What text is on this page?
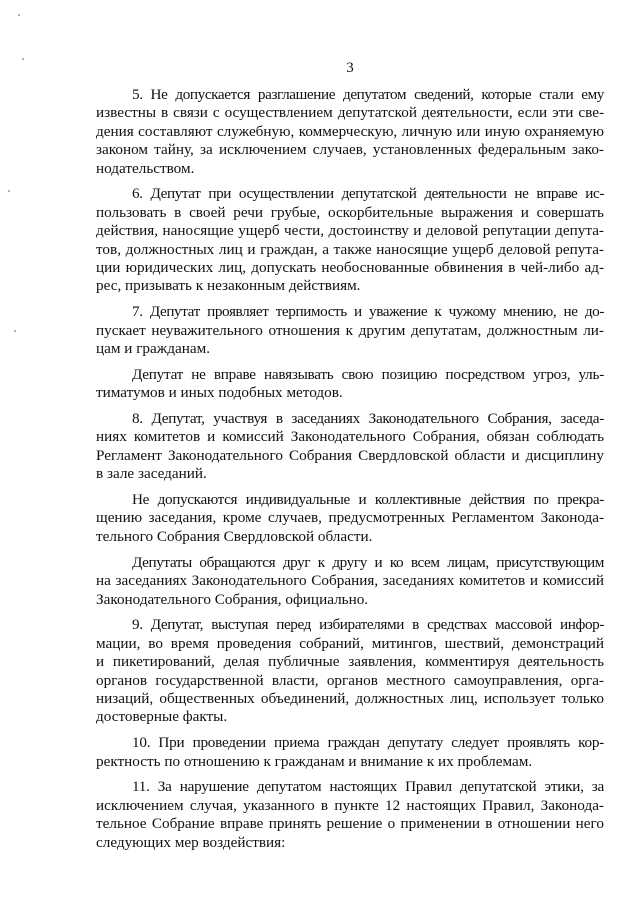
3
5. Не допускается разглашение депутатом сведений, которые стали ему
известны в связи с осуществлением депутатской деятельности, если эти све-
дения составляют служебную, коммерческую, личную или иную охраняемую
законом тайну, за исключением случаев, установленных федеральным зако-
нодательством.
6. Депутат при осуществлении депутатской деятельности не вправе ис-
пользовать в своей речи грубые, оскорбительные выражения и совершать
действия, наносящие ущерб чести, достоинству и деловой репутации депута-
тов, должностных лиц и граждан, а также наносящие ущерб деловой репута-
ции юридических лиц, допускать необоснованные обвинения в чей-либо ад-
рес, призывать к незаконным действиям.
7. Депутат проявляет терпимость и уважение к чужому мнению, не до-
пускает неуважительного отношения к другим депутатам, должностным ли-
цам и гражданам.
Депутат не вправе навязывать свою позицию посредством угроз, уль-
тиматумов и иных подобных методов.
8. Депутат, участвуя в заседаниях Законодательного Собрания, заседа-
ниях комитетов и комиссий Законодательного Собрания, обязан соблюдать
Регламент Законодательного Собрания Свердловской области и дисциплину
в зале заседаний.
Не допускаются индивидуальные и коллективные действия по прекра-
щению заседания, кроме случаев, предусмотренных Регламентом Законода-
тельного Собрания Свердловской области.
Депутаты обращаются друг к другу и ко всем лицам, присутствующим
на заседаниях Законодательного Собрания, заседаниях комитетов и комиссий
Законодательного Собрания, официально.
9. Депутат, выступая перед избирателями в средствах массовой инфор-
мации, во время проведения собраний, митингов, шествий, демонстраций
и пикетирований, делая публичные заявления, комментируя деятельность
органов государственной власти, органов местного самоуправления, орга-
низаций, общественных объединений, должностных лиц, использует только
достоверные факты.
10. При проведении приема граждан депутату следует проявлять кор-
ректность по отношению к гражданам и внимание к их проблемам.
11. За нарушение депутатом настоящих Правил депутатской этики, за
исключением случая, указанного в пункте 12 настоящих Правил, Законода-
тельное Собрание вправе принять решение о применении в отношении него
следующих мер воздействия:
